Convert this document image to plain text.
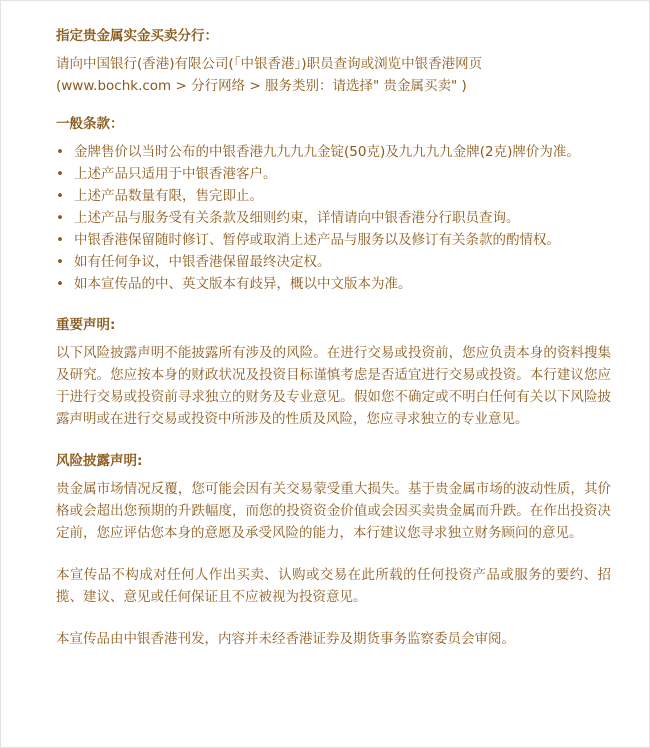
指定贵金属实金买卖分行：

请向中国银行(香港)有限公司(「中银香港」)职员查询或浏览中银香港网页

(www.bochk.com > 分行网络 > 服务类别：请选择" 贵金属买卖" )

一般条款：

• 金牌售价以当时公布的中银香港九九九九金锭(50克)及九九九九金牌(2克)牌价为准。
• 上述产品只适用于中银香港客户。
• 上述产品数量有限，售完即止。
• 上述产品与服务受有关条款及细则约束，详情请向中银香港分行职员查询。
• 中银香港保留随时修订、暂停或取消上述产品与服务以及修订有关条款的酌情权。
• 如有任何争议，中银香港保留最终决定权。
• 如本宣传品的中、英文版本有歧异，概以中文版本为准。

重要声明:

以下风险披露声明不能披露所有涉及的风险。在进行交易或投资前，您应负责本身的资料搜集及研究。您应按本身的财政状况及投资目标谨慎考虑是否适宜进行交易或投资。本行建议您应于进行交易或投资前寻求独立的财务及专业意见。假如您不确定或不明白任何有关以下风险披露声明或在进行交易或投资中所涉及的性质及风险，您应寻求独立的专业意见。

风险披露声明:

贵金属市场情况反覆，您可能会因有关交易蒙受重大损失。基于贵金属市场的波动性质，其价格或会超出您预期的升跌幅度，而您的投资资金价值或会因买卖贵金属而升跌。在作出投资决定前，您应评估您本身的意愿及承受风险的能力，本行建议您寻求独立财务顾问的意见。

本宣传品不构成对任何人作出买卖、认购或交易在此所载的任何投资产品或服务的要约、招揽、建议、意见或任何保证且不应被视为投资意见。

本宣传品由中银香港刊发，内容并未经香港证券及期货事务监察委员会审阅。
